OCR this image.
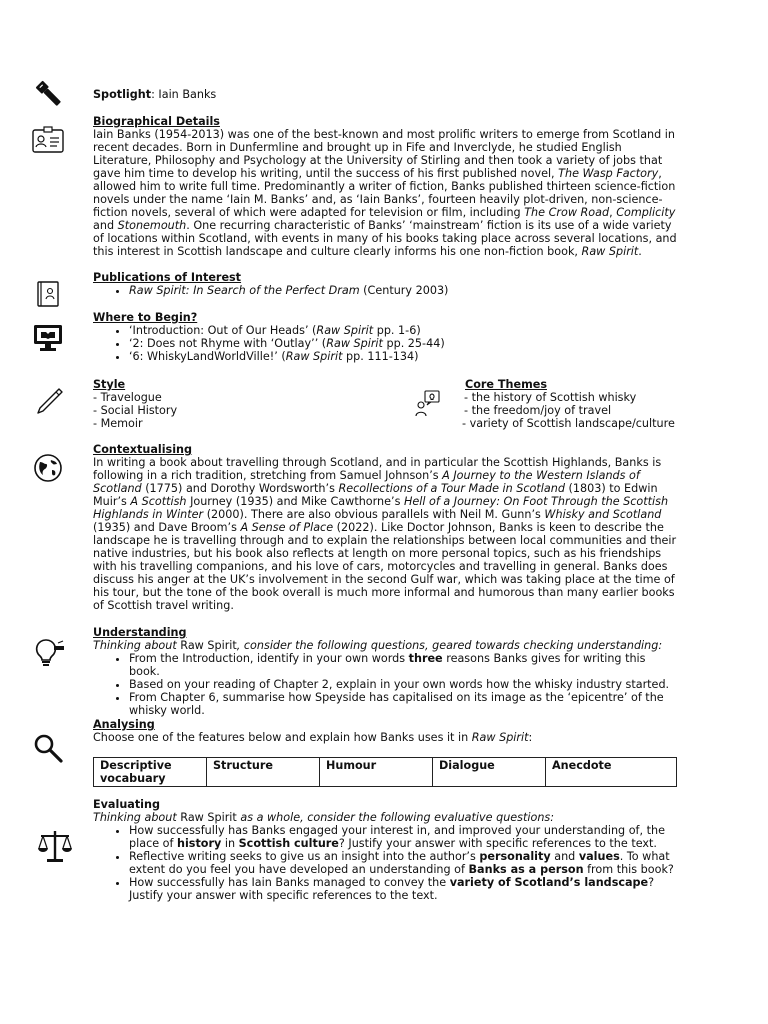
Spotlight: Iain Banks

Biographical Details

Iain Banks (1954-2013) was one of the best-known and most prolific writers to emerge from Scotland in recent decades. Born in Dunfermline and brought up in Fife and Inverclyde, he studied English Literature, Philosophy and Psychology at the University of Stirling and then took a variety of jobs that gave him time to develop his writing, until the success of his first published novel, The Wasp Factory, allowed him to write full time. Predominantly a writer of fiction, Banks published thirteen science-fiction novels under the name ‘Iain M. Banks’ and, as ‘Iain Banks’, fourteen heavily plot-driven, non-science-fiction novels, several of which were adapted for television or film, including The Crow Road, Complicity and Stonemouth. One recurring characteristic of Banks’ ‘mainstream’ fiction is its use of a wide variety of locations within Scotland, with events in many of his books taking place across several locations, and this interest in Scottish landscape and culture clearly informs his one non-fiction book, Raw Spirit.

Publications of Interest

• Raw Spirit: In Search of the Perfect Dram (Century 2003)

Where to Begin?

• ‘Introduction: Out of Our Heads’ (Raw Spirit pp. 1-6)
• ‘2: Does not Rhyme with ‘Outlay’’ (Raw Spirit pp. 25-44)
• ‘6: WhiskyLandWorldVille!’ (Raw Spirit pp. 111-134)

Style

- Travelogue
- Social History
- Memoir

Core Themes

- the history of Scottish whisky
- the freedom/joy of travel
- variety of Scottish landscape/culture

Contextualising

In writing a book about travelling through Scotland, and in particular the Scottish Highlands, Banks is following in a rich tradition, stretching from Samuel Johnson’s A Journey to the Western Islands of Scotland (1775) and Dorothy Wordsworth’s Recollections of a Tour Made in Scotland (1803) to Edwin Muir’s A Scottish Journey (1935) and Mike Cawthorne’s Hell of a Journey: On Foot Through the Scottish Highlands in Winter (2000). There are also obvious parallels with Neil M. Gunn’s Whisky and Scotland (1935) and Dave Broom’s A Sense of Place (2022). Like Doctor Johnson, Banks is keen to describe the landscape he is travelling through and to explain the relationships between local communities and their native industries, but his book also reflects at length on more personal topics, such as his friendships with his travelling companions, and his love of cars, motorcycles and travelling in general. Banks does discuss his anger at the UK’s involvement in the second Gulf war, which was taking place at the time of his tour, but the tone of the book overall is much more informal and humorous than many earlier books of Scottish travel writing.

Understanding

Thinking about Raw Spirit, consider the following questions, geared towards checking understanding:

• From the Introduction, identify in your own words three reasons Banks gives for writing this book.
• Based on your reading of Chapter 2, explain in your own words how the whisky industry started.
• From Chapter 6, summarise how Speyside has capitalised on its image as the ‘epicentre’ of the whisky world.

Analysing

Choose one of the features below and explain how Banks uses it in Raw Spirit:

Descriptive vocabuary	Structure	Humour	Dialogue	Anecdote

Evaluating

Thinking about Raw Spirit as a whole, consider the following evaluative questions:

• How successfully has Banks engaged your interest in, and improved your understanding of, the place of history in Scottish culture? Justify your answer with specific references to the text.
• Reflective writing seeks to give us an insight into the author’s personality and values. To what extent do you feel you have developed an understanding of Banks as a person from this book?
• How successfully has Iain Banks managed to convey the variety of Scotland’s landscape? Justify your answer with specific references to the text.
